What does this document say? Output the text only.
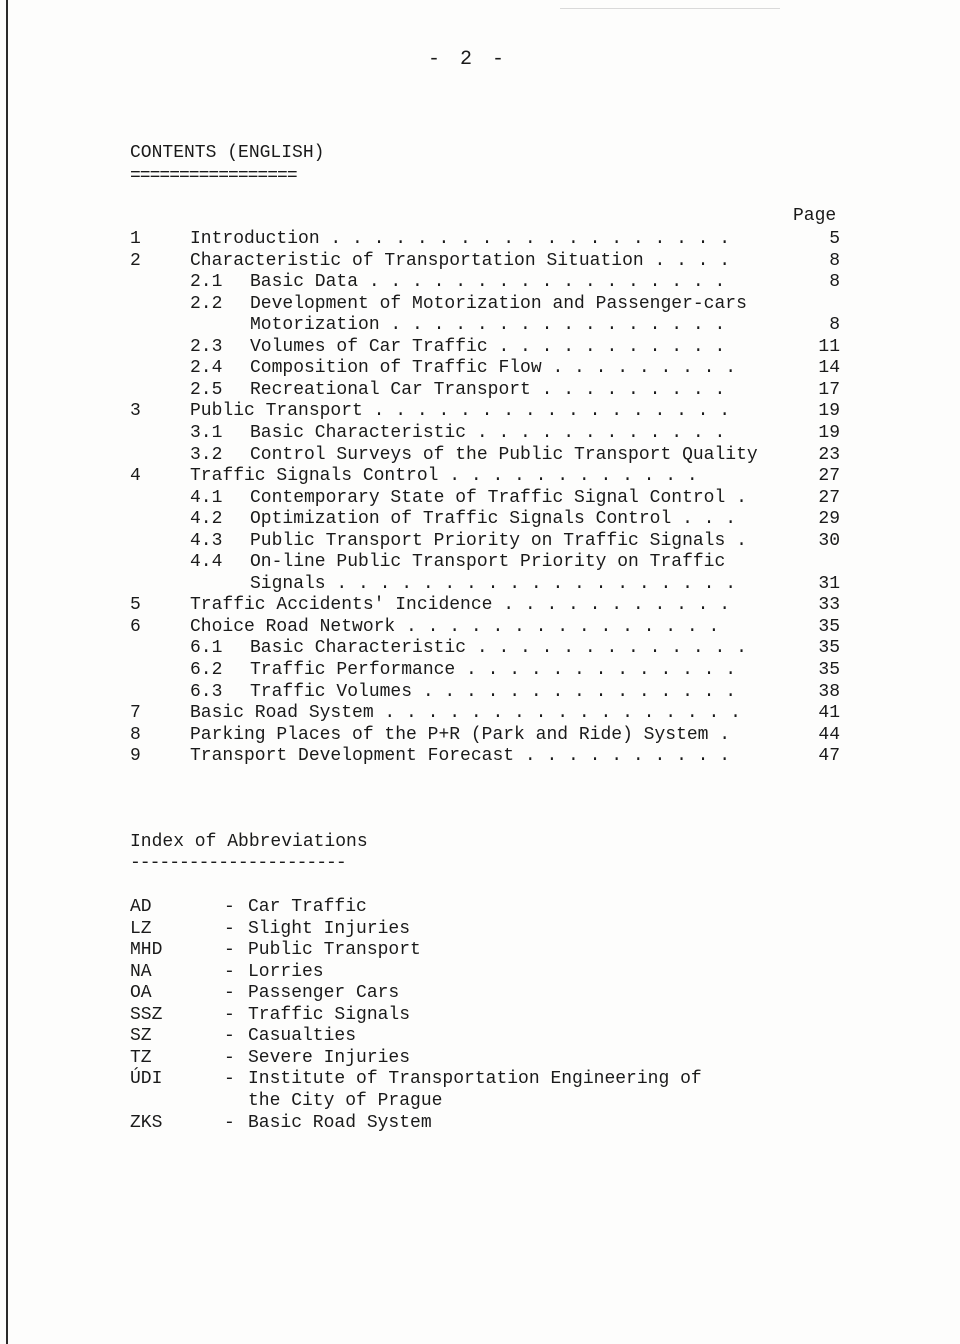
- 2 -
CONTENTS (ENGLISH)
=================
Page
1	Introduction . . . . . . . . . . . . . . . . . . .	5
2	Characteristic of Transportation Situation . . . .	8
2.1 Basic Data . . . . . . . . . . . . . . . . .	8
2.2 Development of Motorization and Passenger-cars
Motorization . . . . . . . . . . . . . . . .	8
2.3 Volumes of Car Traffic . . . . . . . . . . .	11
2.4 Composition of Traffic Flow . . . . . . . . .	14
2.5 Recreational Car Transport . . . . . . . . .	17
3	Public Transport . . . . . . . . . . . . . . . . .	19
3.1 Basic Characteristic . . . . . . . . . . . .	19
3.2 Control Surveys of the Public Transport Quality	23
4	Traffic Signals Control . . . . . . . . . . . .	27
4.1 Contemporary State of Traffic Signal Control .	27
4.2 Optimization of Traffic Signals Control . . .	29
4.3 Public Transport Priority on Traffic Signals .	30
4.4 On-line Public Transport Priority on Traffic
Signals . . . . . . . . . . . . . . . . . . .	31
5	Traffic Accidents' Incidence . . . . . . . . . . .	33
6	Choice Road Network . . . . . . . . . . . . . . .	35
6.1 Basic Characteristic . . . . . . . . . . . . .	35
6.2 Traffic Performance . . . . . . . . . . . . .	35
6.3 Traffic Volumes . . . . . . . . . . . . . . .	38
7	Basic Road System . . . . . . . . . . . . . . . . .	41
8	Parking Places of the P+R (Park and Ride) System .	44
9	Transport Development Forecast . . . . . . . . . .	47
Index of Abbreviations
----------------------
AD	- Car Traffic
LZ	- Slight Injuries
MHD	- Public Transport
NA	- Lorries
OA	- Passenger Cars
SSZ	- Traffic Signals
SZ	- Casualties
TZ	- Severe Injuries
ÚDI	- Institute of Transportation Engineering of
the City of Prague
ZKS	- Basic Road System
